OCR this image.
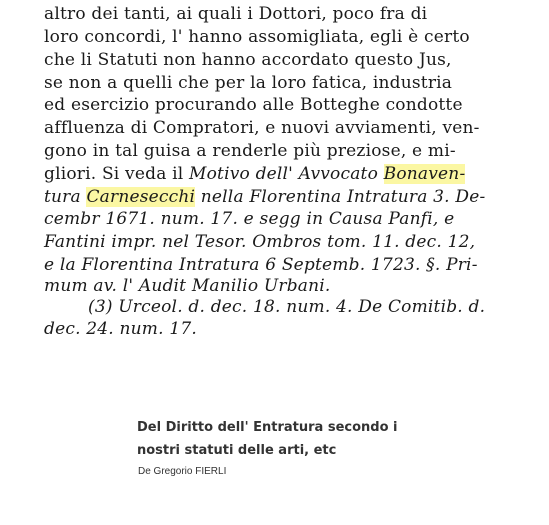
altro dei tanti, ai quali i Dottori, poco fra di
loro concordi, l' hanno assomigliata, egli è certo
che li Statuti non hanno accordato questo Jus,
se non a quelli che per la loro fatica, industria
ed esercizio procurando alle Botteghe condotte
affluenza di Compratori, e nuovi avviamenti, ven-
gono in tal guisa a renderle più preziose, e mi-
gliori. Si veda il Motivo dell' Avvocato Bonaven-
tura Carnesecchi nella Florentina Intratura 3. De-
cembr 1671. num. 17. e segg in Causa Panfi, e
Fantini impr. nel Tesor. Ombros tom. 11. dec. 12,
e la Florentina Intratura 6 Septemb. 1723. §. Pri-
mum av. l' Audit Manilio Urbani.
(3) Urceol. d. dec. 18. num. 4. De Comitib. d.
dec. 24. num. 17.
Del Diritto dell' Entratura secondo i nostri statuti delle arti, etc
De Gregorio FIERLI
